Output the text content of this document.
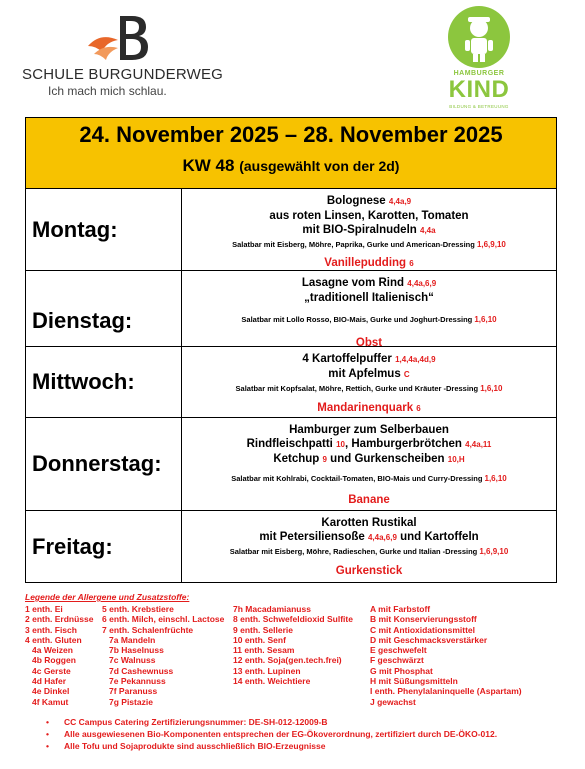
SCHULE BURGUNDERWEG
Ich mach mich schlau.
HAMBURGER
KIND
BILDUNG & BETREUUNG
24. November 2025 – 28. November 2025
KW 48 (ausgewählt von der 2d)
Montag:
Bolognese 4,4a,9
aus roten Linsen, Karotten, Tomaten
mit BIO-Spiralnudeln 4,4a
Salatbar mit Eisberg, Möhre, Paprika, Gurke und American-Dressing 1,6,9,10
Vanillepudding 6
Dienstag:
Lasagne vom Rind 4,4a,6,9
„traditionell Italienisch“
Salatbar mit Lollo Rosso, BIO-Mais, Gurke und Joghurt-Dressing 1,6,10
Obst
Mittwoch:
4 Kartoffelpuffer 1,4,4a,4d,9
mit Apfelmus C
Salatbar mit Kopfsalat, Möhre, Rettich, Gurke und Kräuter -Dressing 1,6,10
Mandarinenquark 6
Donnerstag:
Hamburger zum Selberbauen
Rindfleischpatti 10, Hamburgerbrötchen 4,4a,11
Ketchup 9 und Gurkenscheiben 10,H
Salatbar mit Kohlrabi, Cocktail-Tomaten, BIO-Mais und Curry-Dressing 1,6,10
Banane
Freitag:
Karotten Rustikal
mit Petersiliensoße 4,4a,6,9 und Kartoffeln
Salatbar mit Eisberg, Möhre, Radieschen, Gurke und Italian -Dressing 1,6,9,10
Gurkenstick
Legende der Allergene und Zusatzstoffe:
1 enth. Ei
2 enth. Erdnüsse
3 enth. Fisch
4 enth. Gluten
4a Weizen
4b Roggen
4c Gerste
4d Hafer
4e Dinkel
4f Kamut
5 enth. Krebstiere
6 enth. Milch, einschl. Lactose
7 enth. Schalenfrüchte
7a Mandeln
7b Haselnuss
7c Walnuss
7d Cashewnuss
7e Pekannuss
7f Paranuss
7g Pistazie
7h Macadamianuss
8 enth. Schwefeldioxid Sulfite
9 enth. Sellerie
10 enth. Senf
11 enth. Sesam
12 enth. Soja(gen.tech.frei)
13 enth. Lupinen
14 enth. Weichtiere
A mit Farbstoff
B mit Konservierungsstoff
C mit Antioxidationsmittel
D mit Geschmacksverstärker
E geschwefelt
F geschwärzt
G mit Phosphat
H mit Süßungsmitteln
I enth. Phenylalaninquelle (Aspartam)
J gewachst
• CC Campus Catering Zertifizierungsnummer: DE-SH-012-12009-B
• Alle ausgewiesenen Bio-Komponenten entsprechen der EG-Ökoverordnung, zertifiziert durch DE-ÖKO-012.
• Alle Tofu und Sojaprodukte sind ausschließlich BIO-Erzeugnisse
